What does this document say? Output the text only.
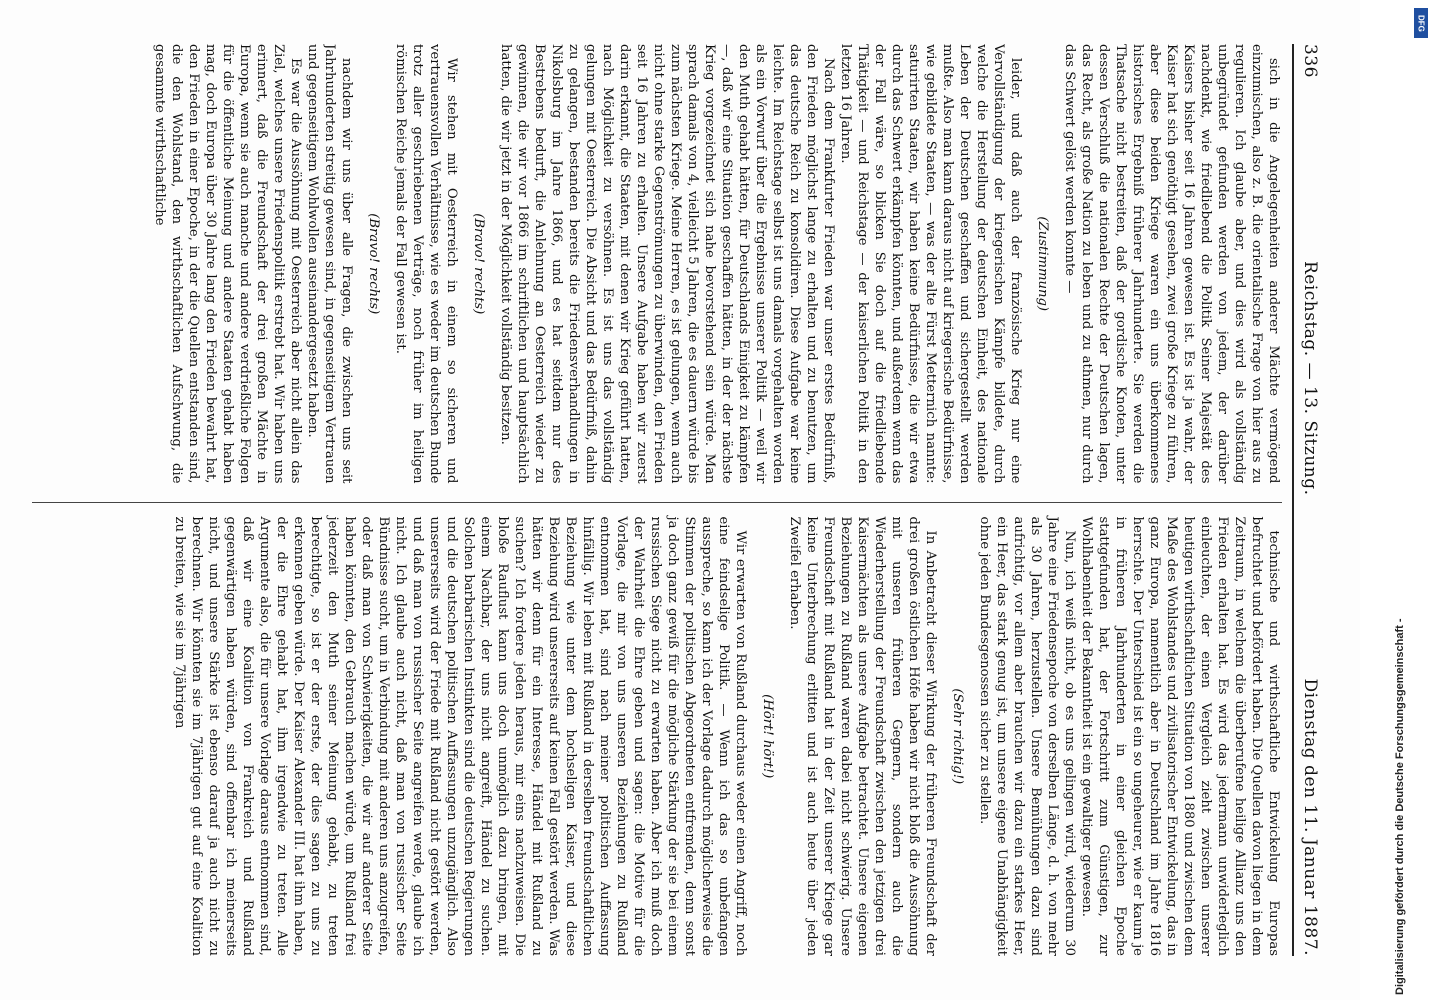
336
Reichstag. — 13. Sitzung.
Dienstag den 11. Januar 1887.

sich in die Angelegenheiten anderer Mächte vermögend einzumischen, also z. B. die orientalische Frage von hier aus zu regulieren. Ich glaube aber, und dies wird als vollständig unbegründet gefunden werden von jedem, der darüber nachdenkt, wie friedliebend die Politik Seiner Majestät des Kaisers bisher seit 16 Jahren gewesen ist. Es ist ja wahr, der Kaiser hat sich genöthigt gesehen, zwei große Kriege zu führen, aber diese beiden Kriege waren ein uns überkommenes historisches Ergebniß früherer Jahrhunderte. Sie werden die Thatsache nicht bestreiten, daß der gordische Knoten, unter dessen Verschluß die nationalen Rechte der Deutschen lagen, das Recht, als große Nation zu leben und zu athmen, nur durch das Schwert gelöst werden konnte —

(Zustimmung)

leider, und daß auch der französische Krieg nur eine Vervollständigung der kriegerischen Kämpfe bildete, durch welche die Herstellung der deutschen Einheit, des nationale Leben der Deutschen geschaffen und sichergestellt werden mußte. Also man kann daraus nicht auf kriegerische Bedürfnisse, wie gebildete Staaten, — was der alte Fürst Metternich nannte: saturirten Staaten, wir haben keine Bedürfnisse, die wir etwa durch das Schwert erkämpfen könnten, und außerdem wenn das der Fall wäre, so blicken Sie doch auf die friedliebende Thätigkeit — und Reichstage — der kaiserlichen Politik in den letzten 16 Jahren.

Nach dem Frankfurter Frieden war unser erstes Bedürfniß, den Frieden möglichst lange zu erhalten und zu benutzen, um das deutsche Reich zu konsolidiren. Diese Aufgabe war keine leichte. Im Reichstage selbst ist uns damals vorgehalten worden als ein Vorwurf über die Ergebnisse unserer Politik — weil wir den Muth gehabt hätten, für Deutschlands Einigkeit zu kämpfen —, daß wir eine Situation geschaffen hätten, in der der nächste Krieg vorgezeichnet sich nahe bevorstehend sein würde. Man sprach damals von 4, vielleicht 5 Jahren, die es dauern würde bis zum nächsten Kriege. Meine Herren, es ist gelungen, wenn auch nicht ohne starke Gegenströmungen zu überwinden, den Frieden seit 16 Jahren zu erhalten. Unsere Aufgabe haben wir zuerst darin erkannt, die Staaten, mit denen wir Krieg geführt hatten, nach Möglichkeit zu versöhnen. Es ist uns das vollständig gelungen mit Oesterreich. Die Absicht und das Bedürfniß, dahin zu gelangen, bestanden bereits die Friedensverhandlungen in Nikolsburg im Jahre 1866, und es hat seitdem nur des Bestrebens bedurft, die Anlehnung an Oesterreich wieder zu gewinnen, die wir vor 1866 im schriftlichen und hauptsächlich hatten, die wir jetzt in der Möglichkeit vollständig besitzen.

(Bravo! rechts)

Wir stehen mit Oesterreich in einem so sicheren und vertrauensvollen Verhältnisse, wie es weder im deutschen Bunde trotz aller geschriebenen Verträge, noch früher im heiligen römischen Reiche jemals der Fall gewesen ist.

(Bravo! rechts)

nachdem wir uns über alle Fragen, die zwischen uns seit Jahrhunderten streitig gewesen sind, in gegenseitigem Vertrauen und gegenseitigem Wohlwollen auseinandergesetzt haben.

Es war die Aussöhnung mit Oesterreich aber nicht allein das Ziel, welches unsere Friedenspolitik erstrebt hat. Wir haben uns erinnert, daß die Freundschaft der drei großen Mächte in Europa, wenn sie auch manche und andere verdrießliche Folgen für die öffentliche Meinung und andere Staaten gehabt haben mag, doch Europa über 30 Jahre lang den Frieden bewahrt hat, den Frieden in einer Epoche, in der die Quellen entstanden sind, die den Wohlstand, den wirthschaftlichen Aufschwung, die gesammte wirthschaftliche

technische und wirthschaftliche Entwickelung Europas befruchtet und befördert haben. Die Quellen davon liegen in dem Zeitraum, in welchem die überberufene heilige Allianz uns den Frieden erhalten hat. Es wird das jedermann unwiderleglich einleuchten, der einen Vergleich zieht zwischen unserer heutigen wirthschaftlichen Situation von 1880 und zwischen dem Maße des Wohlstandes und zivilisatorischer Entwickelung, das in ganz Europa, namentlich aber in Deutschland im Jahre 1816 herrschte. Der Unterschied ist ein so ungeheurer, wie er kaum je in früheren Jahrhunderten in einer gleichen Epoche stattgefunden hat, der Fortschritt zum Günstigen, zur Wohlhabenheit der Bekanntheit ist ein gewaltiger gewesen.

Nun, ich weiß nicht, ob es uns gelingen wird, wiederum 30 Jahre eine Friedensepoche von derselben Länge, d. h. von mehr als 30 Jahren, herzustellen. Unsere Bemühungen dazu sind aufrichtig, vor allem aber brauchen wir dazu ein starkes Heer, ein Heer, das stark genug ist, um unsere eigene Unabhängigkeit ohne jeden Bundesgenossen sicher zu stellen.

(Sehr richtig!)

In Anbetracht dieser Wirkung der früheren Freundschaft der drei großen östlichen Höfe haben wir nicht bloß die Aussöhnung mit unseren früheren Gegnern, sondern auch die Wiederherstellung der Freundschaft zwischen den jetzigen drei Kaisermächten als unsere Aufgabe betrachtet. Unsere eigenen Beziehungen zu Rußland waren dabei nicht schwierig. Unsere Freundschaft mit Rußland hat in der Zeit unserer Kriege gar keine Unterbrechung erlitten und ist auch heute über jeden Zweifel erhaben.

(Hört! hört!)

Wir erwarten von Rußland durchaus weder einen Angriff, noch eine feindselige Politik. — Wenn ich das so unbefangen ausspreche, so kann ich der Vorlage dadurch möglicherweise die Stimmen der politischen Abgeordneten entfremden, denn sonst ja doch ganz gewiß für die mögliche Stärkung der sie bei einem russischen Siege nicht zu erwarten haben. Aber ich muß doch der Wahrheit die Ehre geben und sagen: die Motive für die Vorlage, die mir von uns unseren Beziehungen zu Rußland entnommen hat, sind nach meiner politischen Auffassung hinfällig. Wir leben mit Rußland in derselben freundschaftlichen Beziehung wie unter dem hochseligen Kaiser, und diese Beziehung wird unsererseits auf keinen Fall gestört werden. Was hätten wir denn für ein Interesse, Händel mit Rußland zu suchen? Ich fordere jeden heraus, mir eins nachzuweisen. Die bloße Rauflust kann uns doch unmöglich dazu bringen, mit einem Nachbar, der uns nicht angreift, Händel zu suchen. Solchen barbarischen Instinkten sind die deutschen Regierungen und die deutschen politischen Auffassungen unzugänglich. Also unsererseits wird der Friede mit Rußland nicht gestört werden, und daß man von russischer Seite angreifen werde, glaube ich nicht. Ich glaube auch nicht, daß man von russischer Seite Bündnisse sucht, um in Verbindung mit anderen uns anzugreifen, oder daß man von Schwierigkeiten, die wir auf anderer Seite haben könnten, den Gebrauch machen würde, um Rußland frei jederzeit den Muth seiner Meinung gehabt, zu treten berechtigte, so ist er der erste, der dies sagen zu uns zu erkennen geben würde. Der Kaiser Alexander III. hat ihm haben, der die Ehre gehabt hat, ihm irgendwie zu treten. Alle Argumente also, die für unsere Vorlage daraus entnommen sind, daß wir eine Koalition von Frankreich und Rußland gegenwärtigen haben würden, sind offenbar ich meinerseits nicht, und unsere Stärke ist ebenso darauf ja auch nicht zu berechnen. Wir könnten sie im 7jährigen gut auf eine Koalition zu breiten, wie sie im 7jährigen

DFG
Digitalisierung gefördert durch die Deutsche Forschungsgemeinschaft -
